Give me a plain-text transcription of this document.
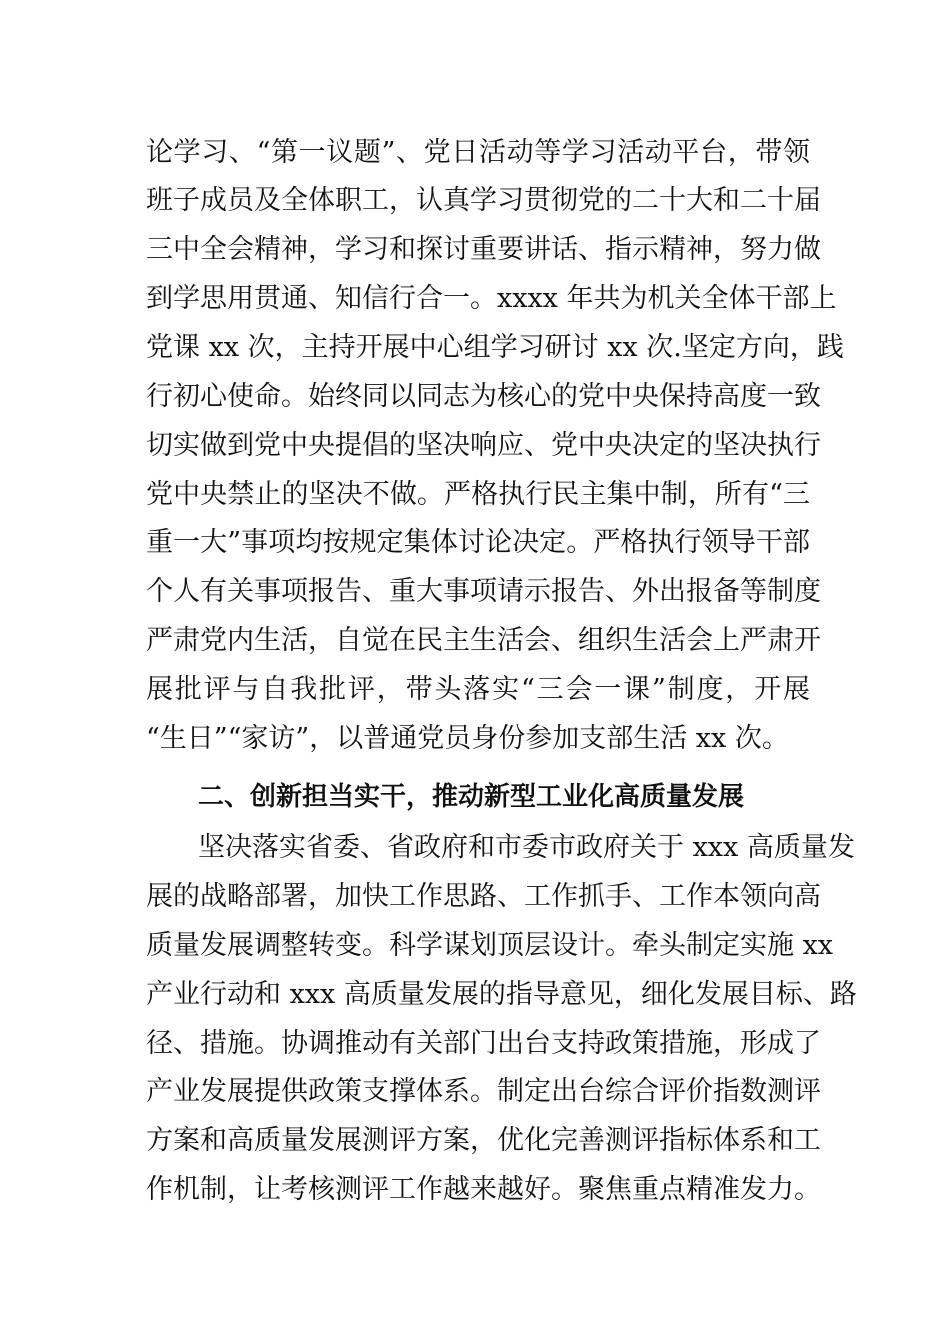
论学习、“第一议题”、党日活动等学习活动平台，带领
班子成员及全体职工，认真学习贯彻党的二十大和二十届
三中全会精神，学习和探讨重要讲话、指示精神，努力做
到学思用贯通、知信行合一。xxxx 年共为机关全体干部上
党课 xx 次，主持开展中心组学习研讨 xx 次.坚定方向，践
行初心使命。始终同以同志为核心的党中央保持高度一致
切实做到党中央提倡的坚决响应、党中央决定的坚决执行
党中央禁止的坚决不做。严格执行民主集中制，所有“三
重一大”事项均按规定集体讨论决定。严格执行领导干部
个人有关事项报告、重大事项请示报告、外出报备等制度
严肃党内生活，自觉在民主生活会、组织生活会上严肃开
展批评与自我批评，带头落实“三会一课”制度，开展
“生日”“家访”，以普通党员身份参加支部生活 xx 次。
二、创新担当实干，推动新型工业化高质量发展
坚决落实省委、省政府和市委市政府关于 xxx 高质量发
展的战略部署，加快工作思路、工作抓手、工作本领向高
质量发展调整转变。科学谋划顶层设计。牵头制定实施 xx
产业行动和 xxx 高质量发展的指导意见，细化发展目标、路
径、措施。协调推动有关部门出台支持政策措施，形成了
产业发展提供政策支撑体系。制定出台综合评价指数测评
方案和高质量发展测评方案，优化完善测评指标体系和工
作机制，让考核测评工作越来越好。聚焦重点精准发力。
